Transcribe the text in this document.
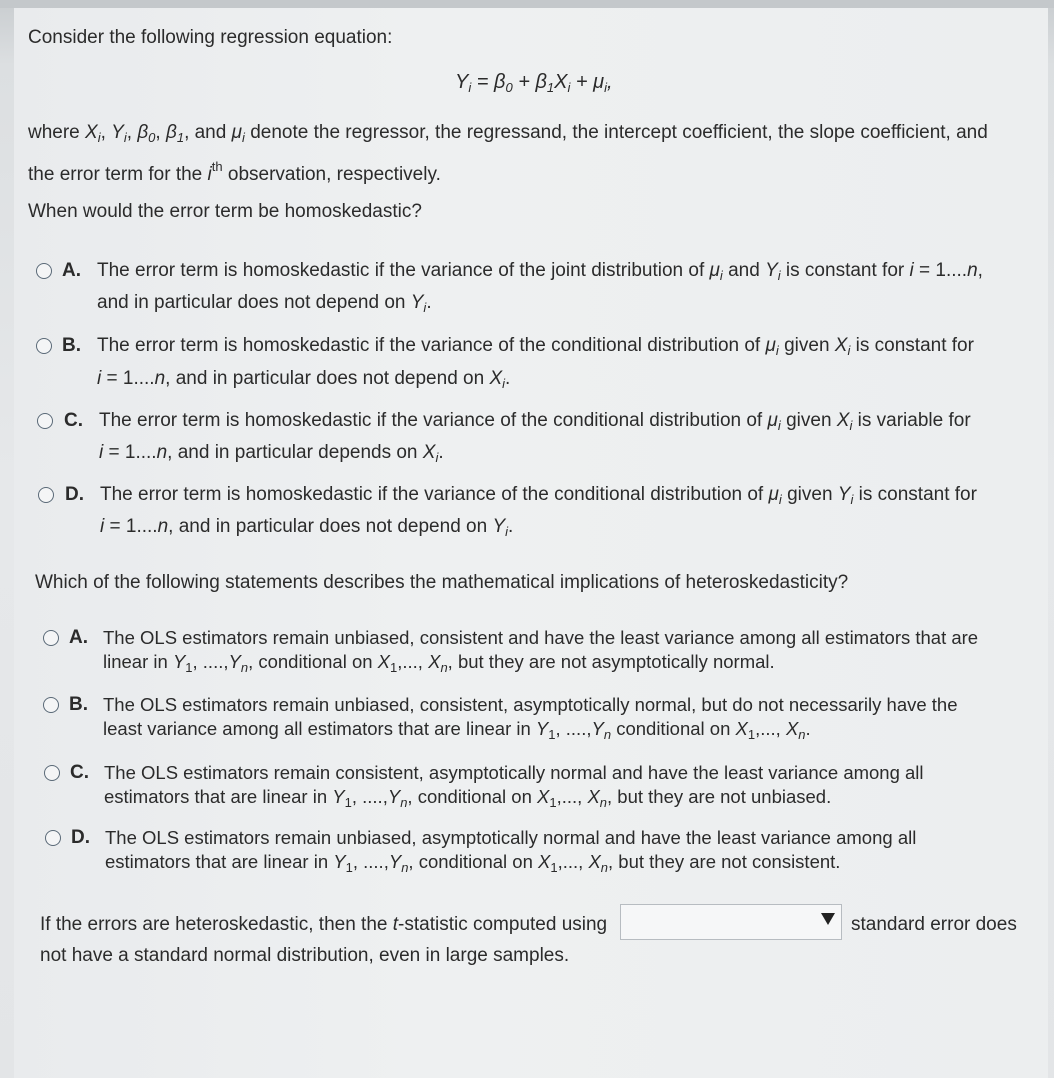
Consider the following regression equation:
$Y_i = \beta_0 + \beta_1X_i + \mu_i$,
where $X_i$, $Y_i$, $\beta_0$, $\beta_1$, and $\mu_i$ denote the regressor, the regressand, the intercept coefficient, the slope coefficient, and
the error term for the $i^{th}$ observation, respectively.
When would the error term be homoskedastic?
A. The error term is homoskedastic if the variance of the joint distribution of $\mu_i$ and $Y_i$ is constant for i = 1....n,
and in particular does not depend on $Y_i$.
B. The error term is homoskedastic if the variance of the conditional distribution of $\mu_i$ given $X_i$ is constant for
i = 1....n, and in particular does not depend on $X_i$.
C. The error term is homoskedastic if the variance of the conditional distribution of $\mu_i$ given $X_i$ is variable for
i = 1....n, and in particular depends on $X_i$.
D. The error term is homoskedastic if the variance of the conditional distribution of $\mu_i$ given $Y_i$ is constant for
i = 1....n, and in particular does not depend on $Y_i$.
Which of the following statements describes the mathematical implications of heteroskedasticity?
A. The OLS estimators remain unbiased, consistent and have the least variance among all estimators that are
linear in $Y_1$, $....,Y_n$, conditional on $X_1$,..., $X_n$, but they are not asymptotically normal.
B. The OLS estimators remain unbiased, consistent, asymptotically normal, but do not necessarily have the
least variance among all estimators that are linear in $Y_1$, $....,Y_n$ conditional on $X_1$,..., $X_n$.
C. The OLS estimators remain consistent, asymptotically normal and have the least variance among all
estimators that are linear in $Y_1$, $....,Y_n$, conditional on $X_1$,..., $X_n$, but they are not unbiased.
D. The OLS estimators remain unbiased, asymptotically normal and have the least variance among all
estimators that are linear in $Y_1$, $....,Y_n$, conditional on $X_1$,..., $X_n$, but they are not consistent.
If the errors are heteroskedastic, then the t-statistic computed using	standard error does
not have a standard normal distribution, even in large samples.
